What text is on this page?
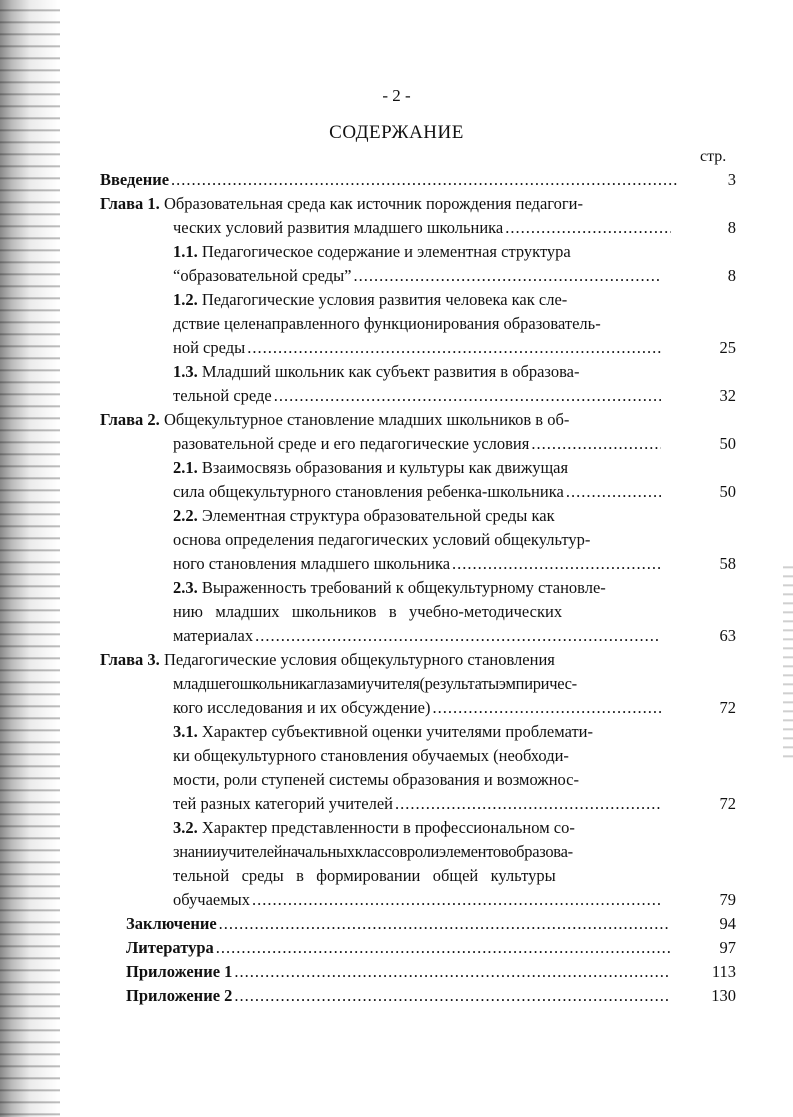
- 2 -
СОДЕРЖАНИЕ
стр.
Введение .....	3
Глава 1. Образовательная среда как источник порождения педагоги-
ческих условий развития младшего школьника .....	8
1.1. Педагогическое содержание и элементная структура
“образовательной среды” .....	8
1.2. Педагогические условия развития человека как сле-
дствие целенаправленного функционирования образователь-
ной среды .....	25
1.3. Младший школьник как субъект развития в образова-
тельной среде .....	32
Глава 2. Общекультурное становление младших школьников в об-
разовательной среде и его педагогические условия .....	50
2.1. Взаимосвязь образования и культуры как движущая
сила общекультурного становления ребенка-школьника .....	50
2.2. Элементная структура образовательной среды как
основа определения педагогических условий общекультур-
ного становления младшего школьника .....	58
2.3. Выраженность требований к общекультурному становле-
нию   младших   школьников   в   учебно-методических
материалах .....	63
Глава 3. Педагогические условия общекультурного становления
младшегошкольникаглазамиучителя(результатыэмпиричес-
кого исследования и их обсуждение) .....	72
3.1. Характер субъективной оценки учителями проблемати-
ки общекультурного становления обучаемых (необходи-
мости, роли ступеней системы образования и возможнос-
тей разных категорий учителей .....	72
3.2. Характер представленности в профессиональном со-
знанииучителейначальныхклассовролиэлементовобразова-
тельной   среды   в   формировании   общей   культуры
обучаемых .....	79
Заключение .....	94
Литература .....	97
Приложение 1 .....	113
Приложение 2 .....	130
